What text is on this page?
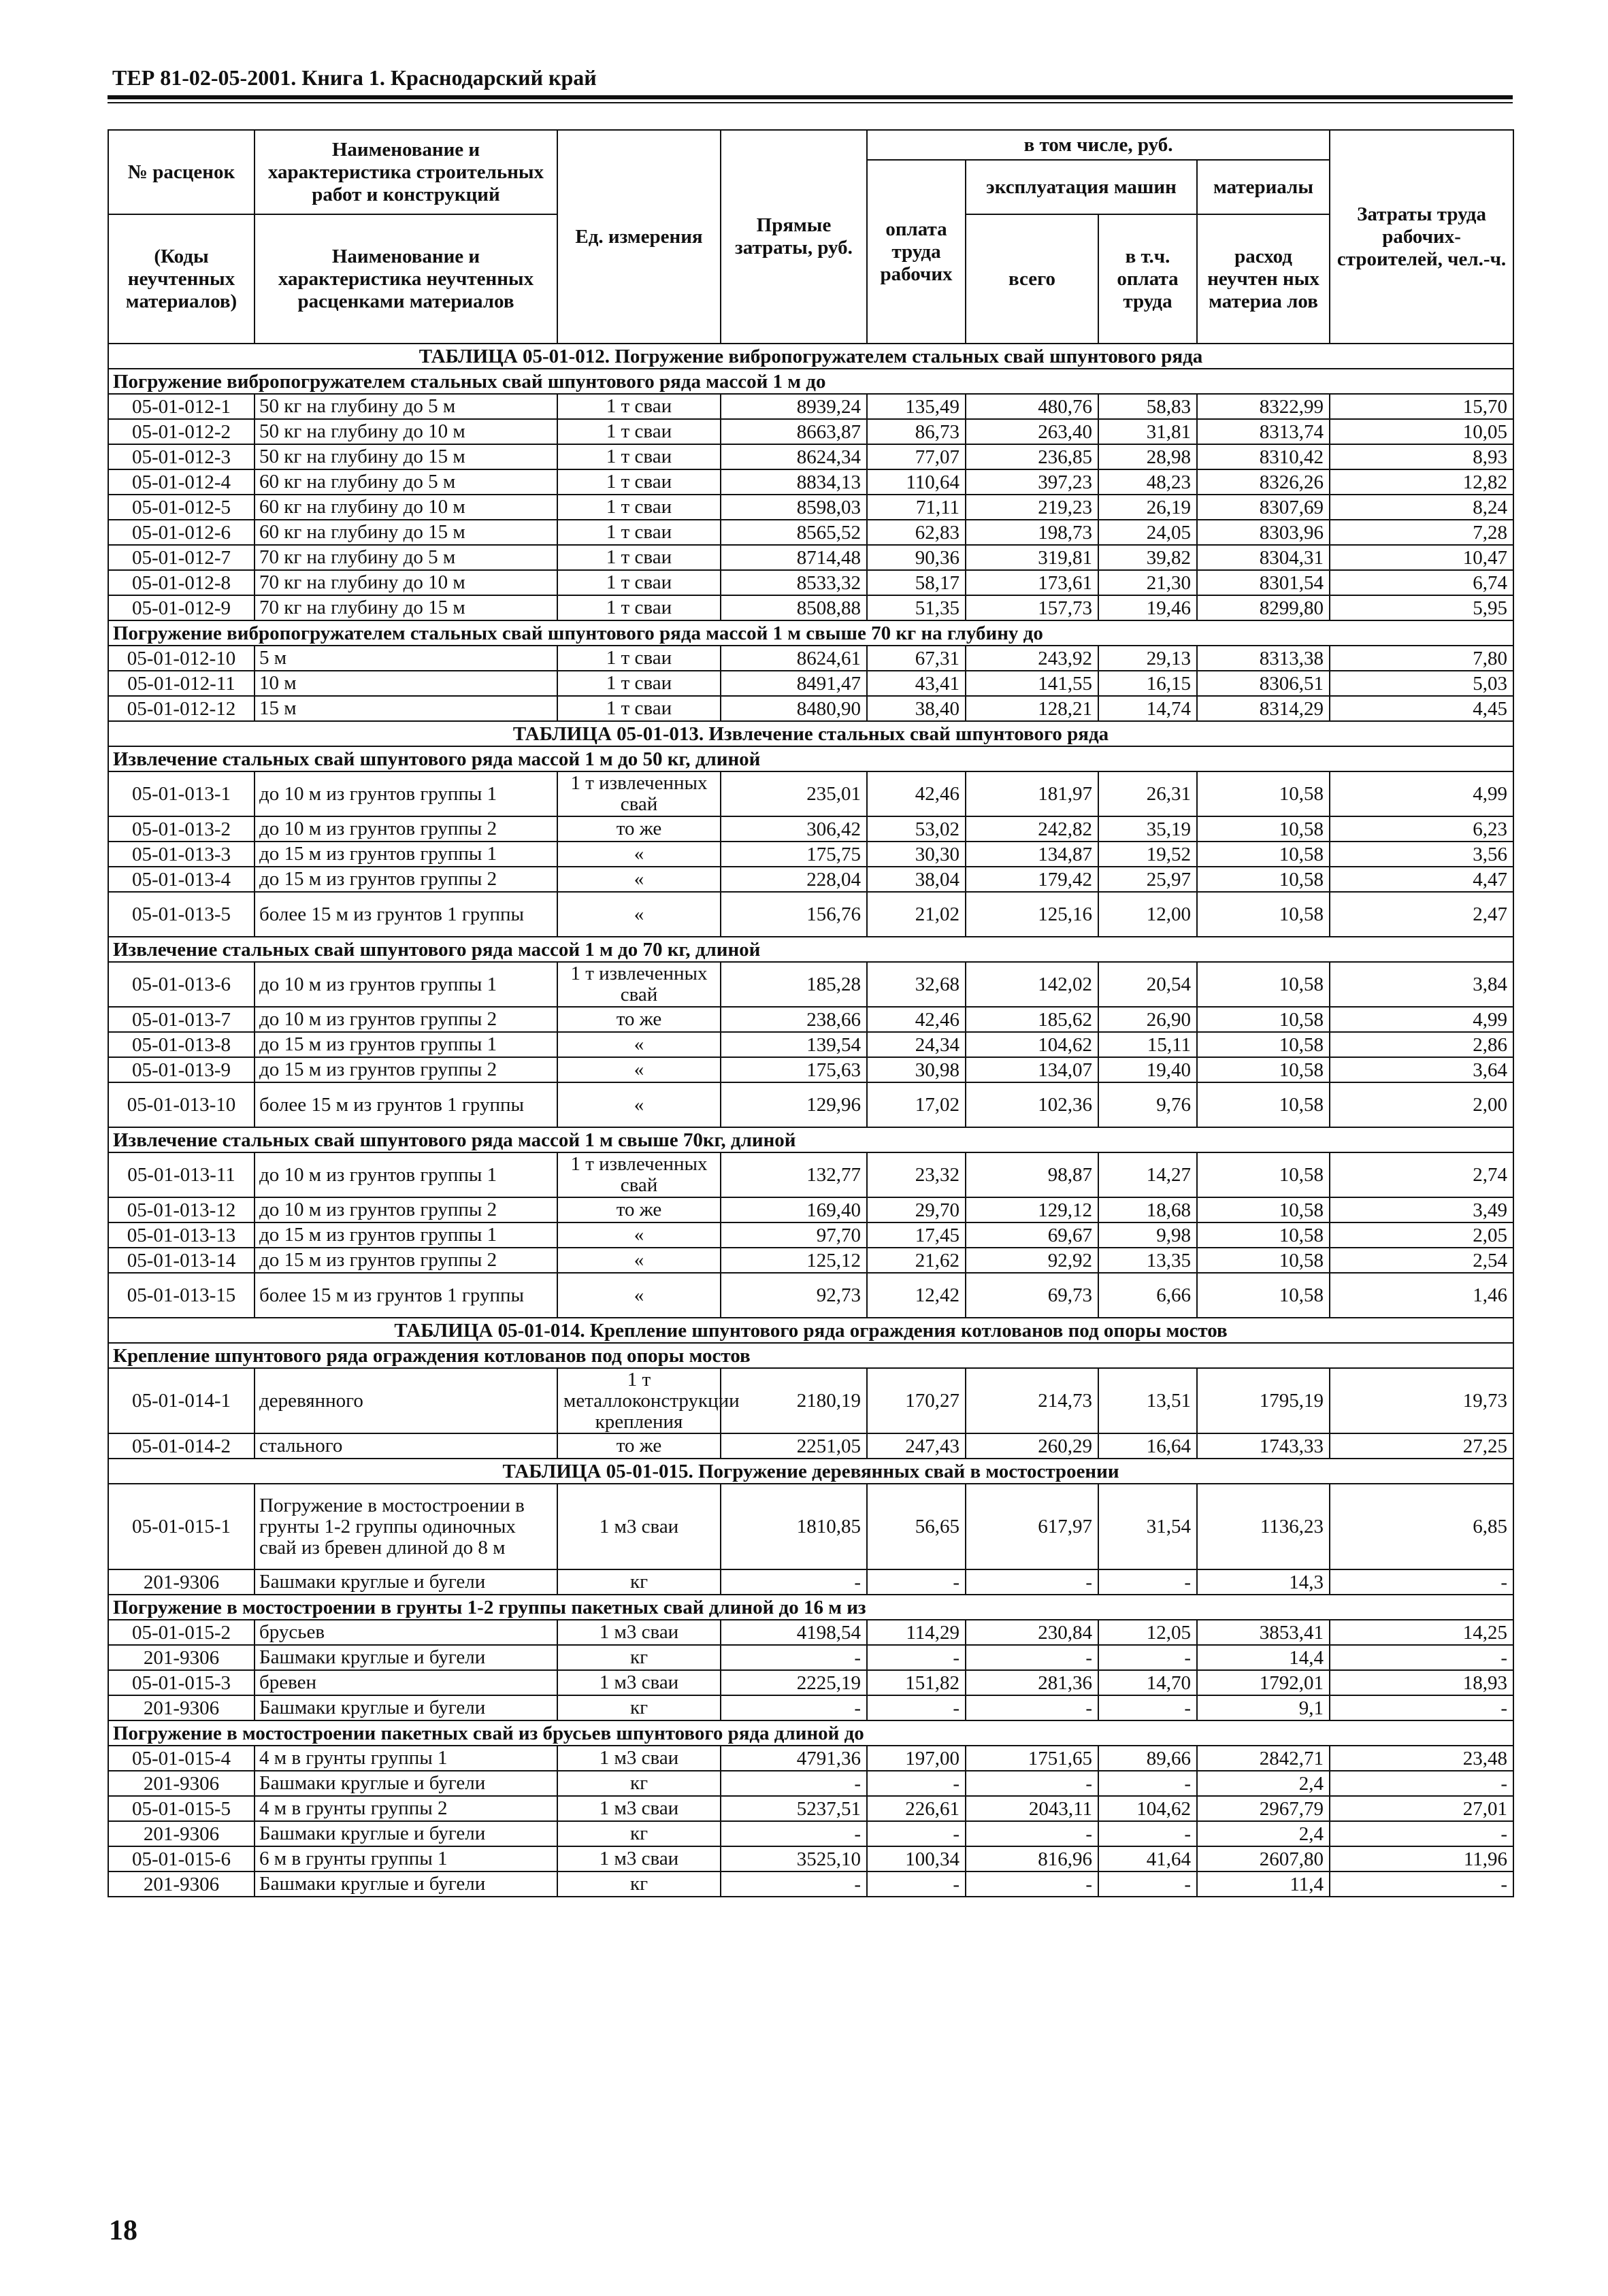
ТЕР 81-02-05-2001. Книга 1. Краснодарский край
№ расценок	Наименование и характеристика строительных работ и конструкций	Ед. измерения	Прямые затраты, руб.	в том числе, руб.				Затраты труда рабочих-строителей, чел.-ч.
				оплата труда рабочих	эксплуатация машин		материалы	

(Коды неучтенных материалов)	Наименование и характеристика неучтенных расценками материалов				всего	в т.ч. оплата труда	расход неучтен ных материа лов	

ТАБЛИЦА 05-01-012. Погружение вибропогружателем стальных свай шпунтового ряда								
Погружение вибропогружателем стальных свай шпунтового ряда массой 1 м до								
05-01-012-1	50 кг на глубину до 5 м	1 т сваи	8939,24	135,49	480,76	58,83	8322,99	15,70
05-01-012-2	50 кг на глубину до 10 м	1 т сваи	8663,87	86,73	263,40	31,81	8313,74	10,05
05-01-012-3	50 кг на глубину до 15 м	1 т сваи	8624,34	77,07	236,85	28,98	8310,42	8,93
05-01-012-4	60 кг на глубину до 5 м	1 т сваи	8834,13	110,64	397,23	48,23	8326,26	12,82
05-01-012-5	60 кг на глубину до 10 м	1 т сваи	8598,03	71,11	219,23	26,19	8307,69	8,24
05-01-012-6	60 кг на глубину до 15 м	1 т сваи	8565,52	62,83	198,73	24,05	8303,96	7,28
05-01-012-7	70 кг на глубину до 5 м	1 т сваи	8714,48	90,36	319,81	39,82	8304,31	10,47
05-01-012-8	70 кг на глубину до 10 м	1 т сваи	8533,32	58,17	173,61	21,30	8301,54	6,74
05-01-012-9	70 кг на глубину до 15 м	1 т сваи	8508,88	51,35	157,73	19,46	8299,80	5,95
Погружение вибропогружателем стальных свай шпунтового ряда массой 1 м свыше 70 кг на глубину до								
05-01-012-10	5 м	1 т сваи	8624,61	67,31	243,92	29,13	8313,38	7,80
05-01-012-11	10 м	1 т сваи	8491,47	43,41	141,55	16,15	8306,51	5,03
05-01-012-12	15 м	1 т сваи	8480,90	38,40	128,21	14,74	8314,29	4,45
ТАБЛИЦА 05-01-013. Извлечение стальных свай шпунтового ряда								
Извлечение стальных свай шпунтового ряда массой 1 м до 50 кг, длиной								
05-01-013-1	до 10 м из грунтов группы 1	1 т извлеченных свай	235,01	42,46	181,97	26,31	10,58	4,99
05-01-013-2	до 10 м из грунтов группы 2	то же	306,42	53,02	242,82	35,19	10,58	6,23
05-01-013-3	до 15 м из грунтов группы 1	«	175,75	30,30	134,87	19,52	10,58	3,56
05-01-013-4	до 15 м из грунтов группы 2	«	228,04	38,04	179,42	25,97	10,58	4,47
05-01-013-5	более 15 м из грунтов 1 группы	«	156,76	21,02	125,16	12,00	10,58	2,47
Извлечение стальных свай шпунтового ряда массой 1 м до 70 кг, длиной								
05-01-013-6	до 10 м из грунтов группы 1	1 т извлеченных свай	185,28	32,68	142,02	20,54	10,58	3,84
05-01-013-7	до 10 м из грунтов группы 2	то же	238,66	42,46	185,62	26,90	10,58	4,99
05-01-013-8	до 15 м из грунтов группы 1	«	139,54	24,34	104,62	15,11	10,58	2,86
05-01-013-9	до 15 м из грунтов группы 2	«	175,63	30,98	134,07	19,40	10,58	3,64
05-01-013-10	более 15 м из грунтов 1 группы	«	129,96	17,02	102,36	9,76	10,58	2,00
Извлечение стальных свай шпунтового ряда массой 1 м свыше 70кг, длиной								
05-01-013-11	до 10 м из грунтов группы 1	1 т извлеченных свай	132,77	23,32	98,87	14,27	10,58	2,74
05-01-013-12	до 10 м из грунтов группы 2	то же	169,40	29,70	129,12	18,68	10,58	3,49
05-01-013-13	до 15 м из грунтов группы 1	«	97,70	17,45	69,67	9,98	10,58	2,05
05-01-013-14	до 15 м из грунтов группы 2	«	125,12	21,62	92,92	13,35	10,58	2,54
05-01-013-15	более 15 м из грунтов 1 группы	«	92,73	12,42	69,73	6,66	10,58	1,46
ТАБЛИЦА 05-01-014. Крепление шпунтового ряда ограждения котлованов под опоры мостов								
Крепление шпунтового ряда ограждения котлованов под опоры мостов								
05-01-014-1	деревянного	1 т металлоконструкции крепления	2180,19	170,27	214,73	13,51	1795,19	19,73
05-01-014-2	стального	то же	2251,05	247,43	260,29	16,64	1743,33	27,25
ТАБЛИЦА 05-01-015. Погружение деревянных свай в мостостроении								
05-01-015-1	Погружение в мостостроении в грунты 1-2 группы одиночных свай из бревен длиной до 8 м	1 м3 сваи	1810,85	56,65	617,97	31,54	1136,23	6,85
201-9306	Башмаки круглые и бугели	кг	-	-	-	-	14,3	-
Погружение в мостостроении в грунты 1-2 группы пакетных свай длиной до 16 м из								
05-01-015-2	брусьев	1 м3 сваи	4198,54	114,29	230,84	12,05	3853,41	14,25
201-9306	Башмаки круглые и бугели	кг	-	-	-	-	14,4	-
05-01-015-3	бревен	1 м3 сваи	2225,19	151,82	281,36	14,70	1792,01	18,93
201-9306	Башмаки круглые и бугели	кг	-	-	-	-	9,1	-
Погружение в мостостроении пакетных свай из брусьев шпунтового ряда длиной до								
05-01-015-4	4 м в грунты группы 1	1 м3 сваи	4791,36	197,00	1751,65	89,66	2842,71	23,48
201-9306	Башмаки круглые и бугели	кг	-	-	-	-	2,4	-
05-01-015-5	4 м в грунты группы 2	1 м3 сваи	5237,51	226,61	2043,11	104,62	2967,79	27,01
201-9306	Башмаки круглые и бугели	кг	-	-	-	-	2,4	-
05-01-015-6	6 м в грунты группы 1	1 м3 сваи	3525,10	100,34	816,96	41,64	2607,80	11,96
201-9306	Башмаки круглые и бугели	кг	-	-	-	-	11,4	-
18
